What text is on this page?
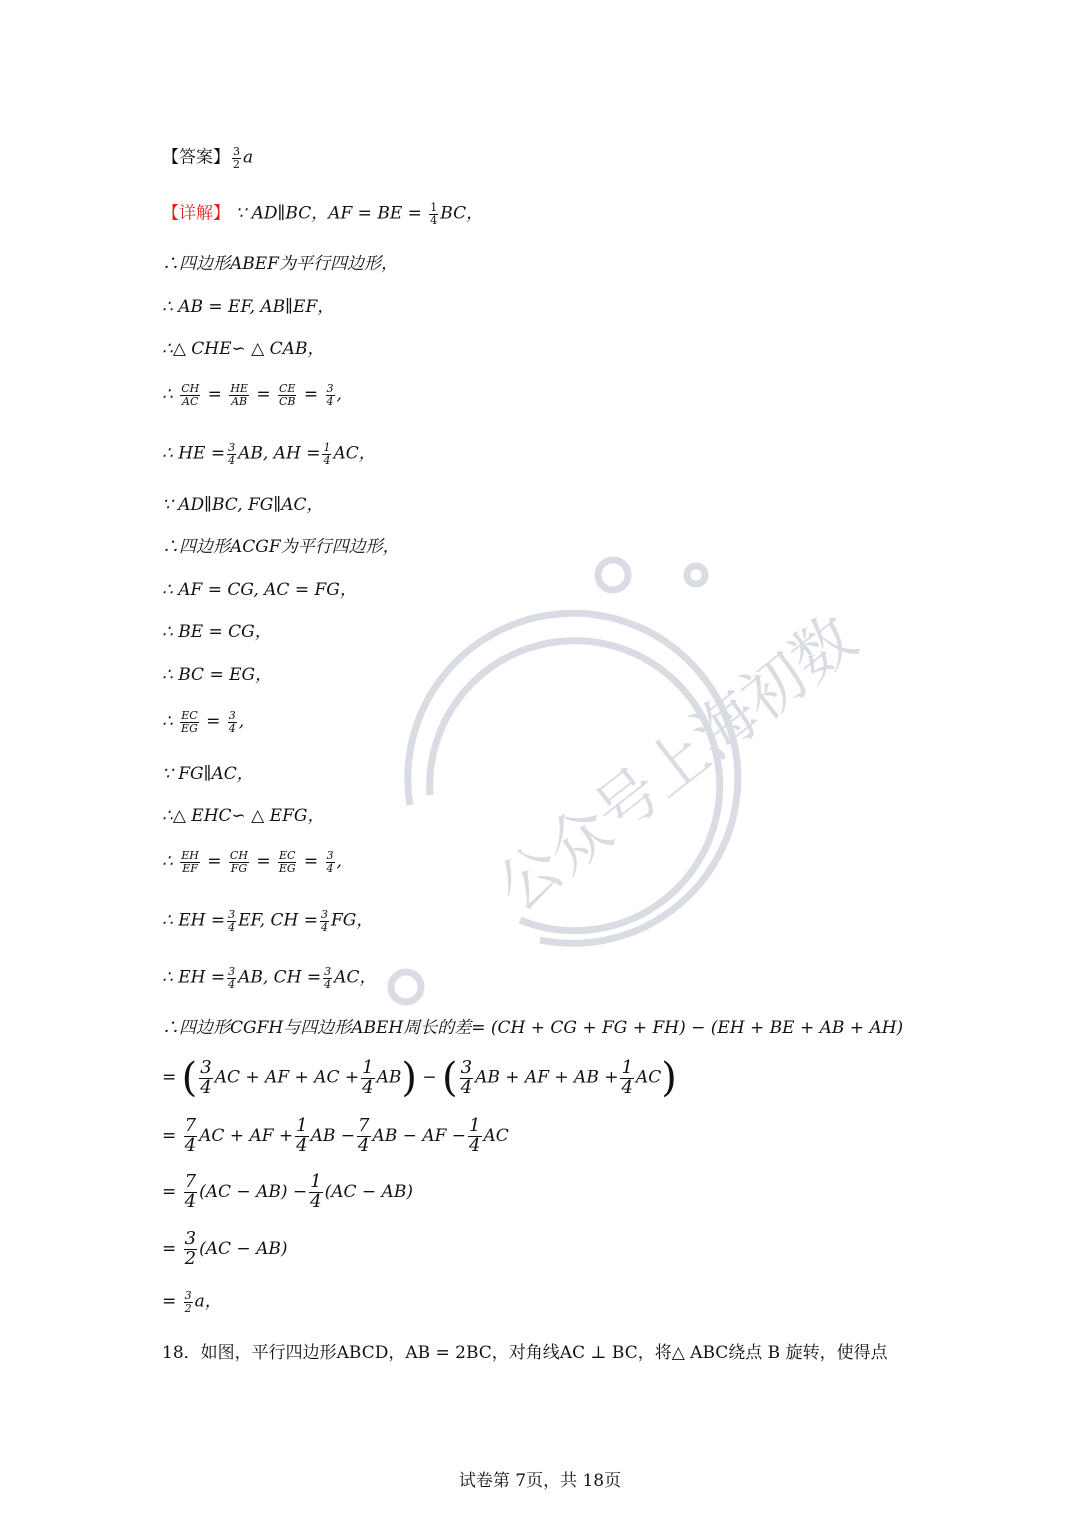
公众号上海初数
【答案】 $\frac{3}{2}$ a
【详解】 ∵ AD∥BC，AF = BE = $\frac{1}{4}$ BC，
∴四边形ABEF为平行四边形，
∴ AB = EF, AB∥EF，
∴△ CHE∽ △ CAB，
∴ $\frac{CH}{AC} = \frac{HE}{AB} = \frac{CE}{CB} = \frac{3}{4}$ ,
∴ HE = $\frac{3}{4}$ AB, AH = $\frac{1}{4}$ AC，
∵ AD∥BC, FG∥AC，
∴四边形ACGF为平行四边形，
∴ AF = CG, AC = FG，
∴ BE = CG，
∴ BC = EG，
∴ $\frac{EC}{EG} = \frac{3}{4}$ ,
∵ FG∥AC，
∴△ EHC∽ △ EFG，
∴ $\frac{EH}{EF} = \frac{CH}{FG} = \frac{EC}{EG} = \frac{3}{4}$ ,
∴ EH = $\frac{3}{4}$ EF, CH = $\frac{3}{4}$ FG，
∴ EH = $\frac{3}{4}$ AB, CH = $\frac{3}{4}$ AC，
∴四边形CGFH与四边形ABEH周长的差= (CH + CG + FG + FH) − (EH + BE + AB + AH)
= ( $\frac{3}{4}$ AC + AF + AC + $\frac{1}{4} AB$) − ( $\frac{3}{4}$ AB + AF + AB + $\frac{1}{4} AC$)
= $\frac{7}{4}$ AC + AF + $\frac{1}{4}$ AB − $\frac{7}{4}$ AB − AF − $\frac{1}{4}$ AC
= $\frac{7}{4} (AC - AB) - \frac{1}{4} (AC - AB)$
= $\frac{3}{2} (AC - AB)$
= $\frac{3}{2}$ a，
18．如图，平行四边形ABCD，AB = 2BC，对角线AC ⊥ BC，将△ ABC绕点 B 旋转，使得点
试卷第 7页，共 18页
